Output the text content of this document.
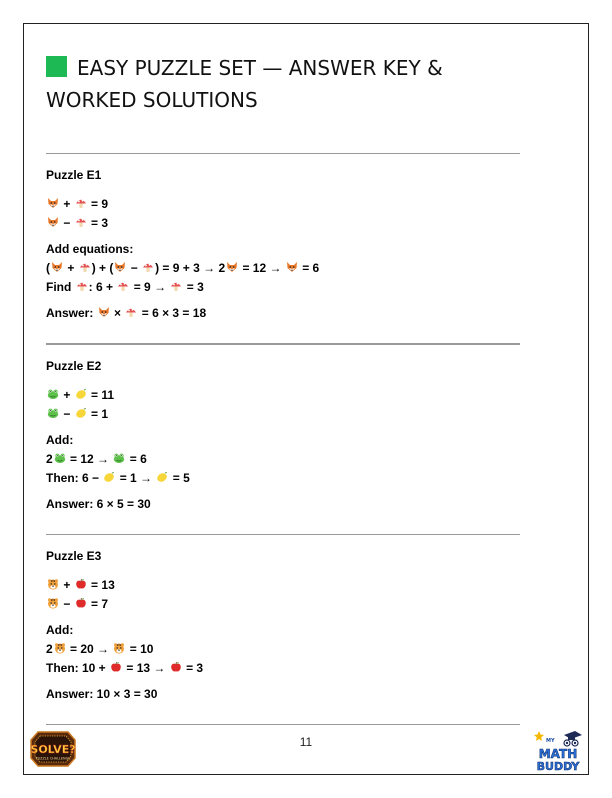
EASY PUZZLE SET — ANSWER KEY &
WORKED SOLUTIONS
Puzzle E1
+ = 9
− = 3
Add equations:
( + ) + ( − ) = 9 + 3 → 2 = 12 → = 6
Find : 6 + = 9 → = 3
Answer: × = 6 × 3 = 18
Puzzle E2
+ = 11
− = 1
Add:
2 = 12 → = 6
Then: 6 − = 1 → = 5
Answer: 6 × 5 = 30
Puzzle E3
+ = 13
− = 7
Add:
2 = 20 → = 10
Then: 10 + = 13 → = 3
Answer: 10 × 3 = 30
11
SOLVE?
PUZZLE CHALLENGE
MY
MATH
BUDDY
